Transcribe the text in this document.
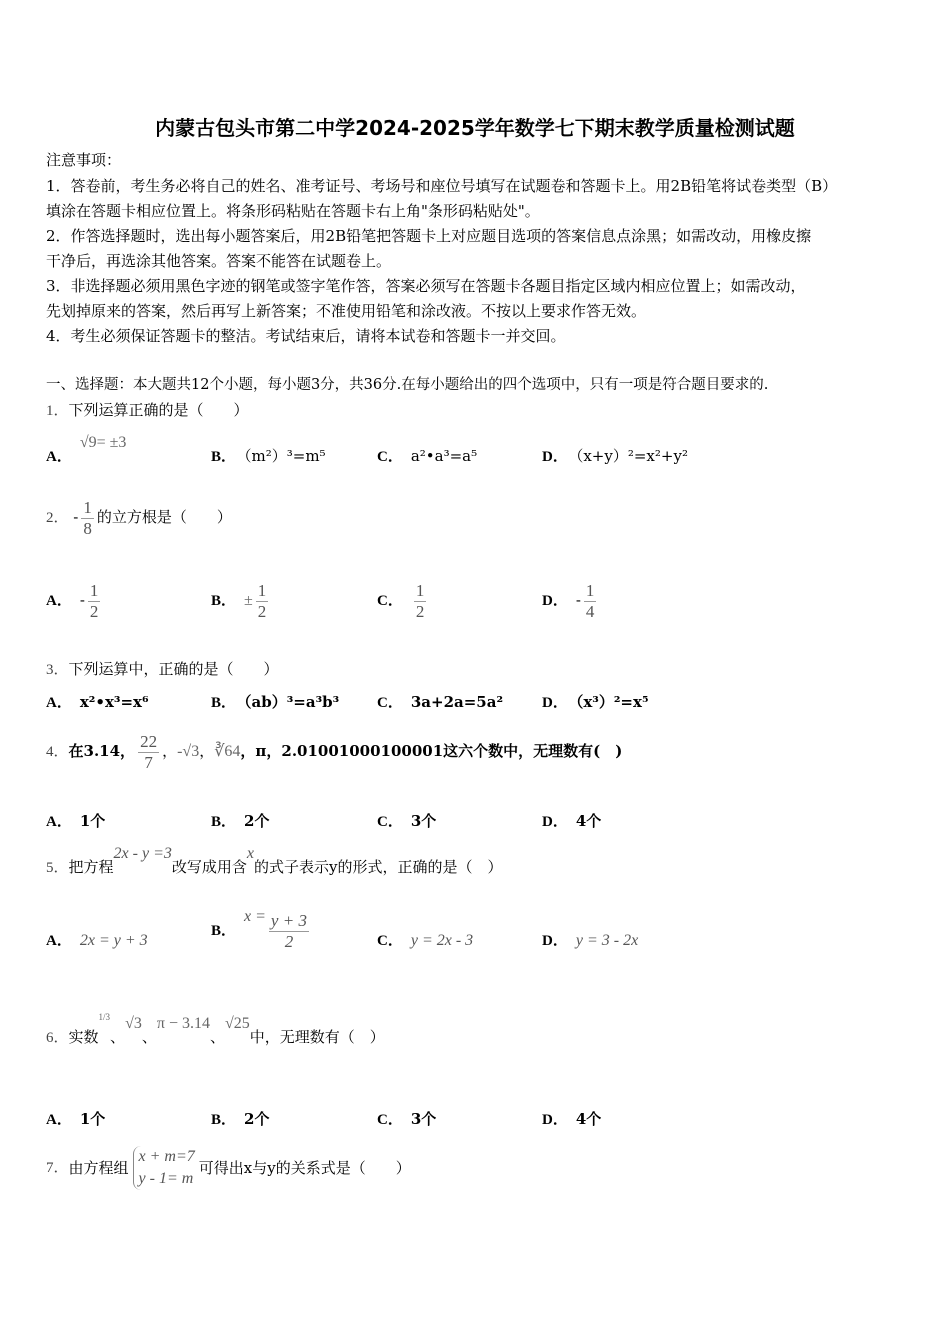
内蒙古包头市第二中学2024-2025学年数学七下期末教学质量检测试题
注意事项：
1．答卷前，考生务必将自己的姓名、准考证号、考场号和座位号填写在试题卷和答题卡上。用2B铅笔将试卷类型（B）
填涂在答题卡相应位置上。将条形码粘贴在答题卡右上角"条形码粘贴处"。
2．作答选择题时，选出每小题答案后，用2B铅笔把答题卡上对应题目选项的答案信息点涂黑；如需改动，用橡皮擦
干净后，再选涂其他答案。答案不能答在试题卷上。
3．非选择题必须用黑色字迹的钢笔或签字笔作答，答案必须写在答题卡各题目指定区域内相应位置上；如需改动，
先划掉原来的答案，然后再写上新答案；不准使用铅笔和涂改液。不按以上要求作答无效。
4．考生必须保证答题卡的整洁。考试结束后，请将本试卷和答题卡一并交回。
一、选择题：本大题共12个小题，每小题3分，共36分.在每小题给出的四个选项中，只有一项是符合题目要求的.
1．下列运算正确的是（　　）
A．√9= ±3
B． （m²）³=m⁵	C． a²•a³=a⁵	D． （x+y）²=x²+y²
2． - $\frac{1}{8}$ 的立方根是（　　）
A． - $\frac{1}{2}$	B． ± $\frac{1}{2}$	C． $\frac{1}{2}$	D． - $\frac{1}{4}$
3．下列运算中，正确的是（　　）
A． x²•x³=x⁶	B． （ab）³=a³b³	C． 3a+2a=5a²	D． （x³）²=x⁵
4．在3.14， $\frac{22}{7}$ ，-√3，∛64，π，2.01001000100001这六个数中，无理数有(　)
A． 1个	B． 2个	C． 3个	D． 4个
5．把方程2x - y =3改写成用含x的式子表示y的形式，正确的是（　）
A． 2x = y + 3
B．$x = \frac{y + 3}{2}$	C． y = 2x - 3	D． y = 3 - 2x
6．实数$^{1/3}$、√3、π − 3.14、√25中，无理数有（　）
A． 1个	B． 2个	C． 3个	D． 4个
7． 由方程组
x + m=7
y - 1= m
可得出x与y的关系式是（　　）
